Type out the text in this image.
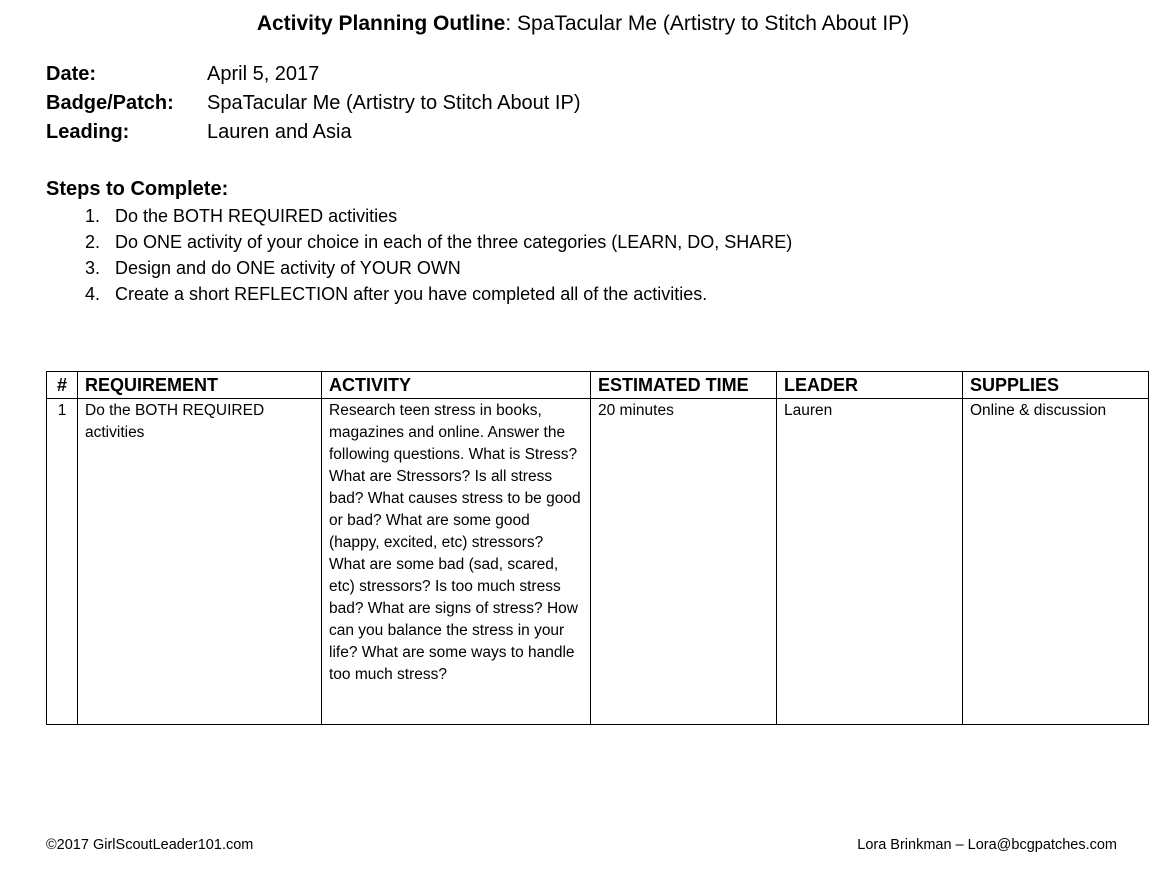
Activity Planning Outline: SpaTacular Me (Artistry to Stitch About IP)
Date:	April 5, 2017
Badge/Patch:	SpaTacular Me (Artistry to Stitch About IP)
Leading:	Lauren and Asia
Steps to Complete:
1.
Do the BOTH REQUIRED activities
2.
Do ONE activity of your choice in each of the three categories (LEARN, DO, SHARE)
3.
Design and do ONE activity of YOUR OWN
4.
Create a short REFLECTION after you have completed all of the activities.
#	REQUIREMENT	ACTIVITY	ESTIMATED TIME	LEADER	SUPPLIES
1	Do the BOTH REQUIRED activities	Research teen stress in books, magazines and online. Answer the following questions. What is Stress? What are Stressors? Is all stress bad? What causes stress to be good or bad? What are some good (happy, excited, etc) stressors? What are some bad (sad, scared, etc) stressors? Is too much stress bad? What are signs of stress? How can you balance the stress in your life? What are some ways to handle too much stress?	20 minutes	Lauren	Online & discussion
©2017 GirlScoutLeader101.com	Lora Brinkman – Lora@bcgpatches.com
